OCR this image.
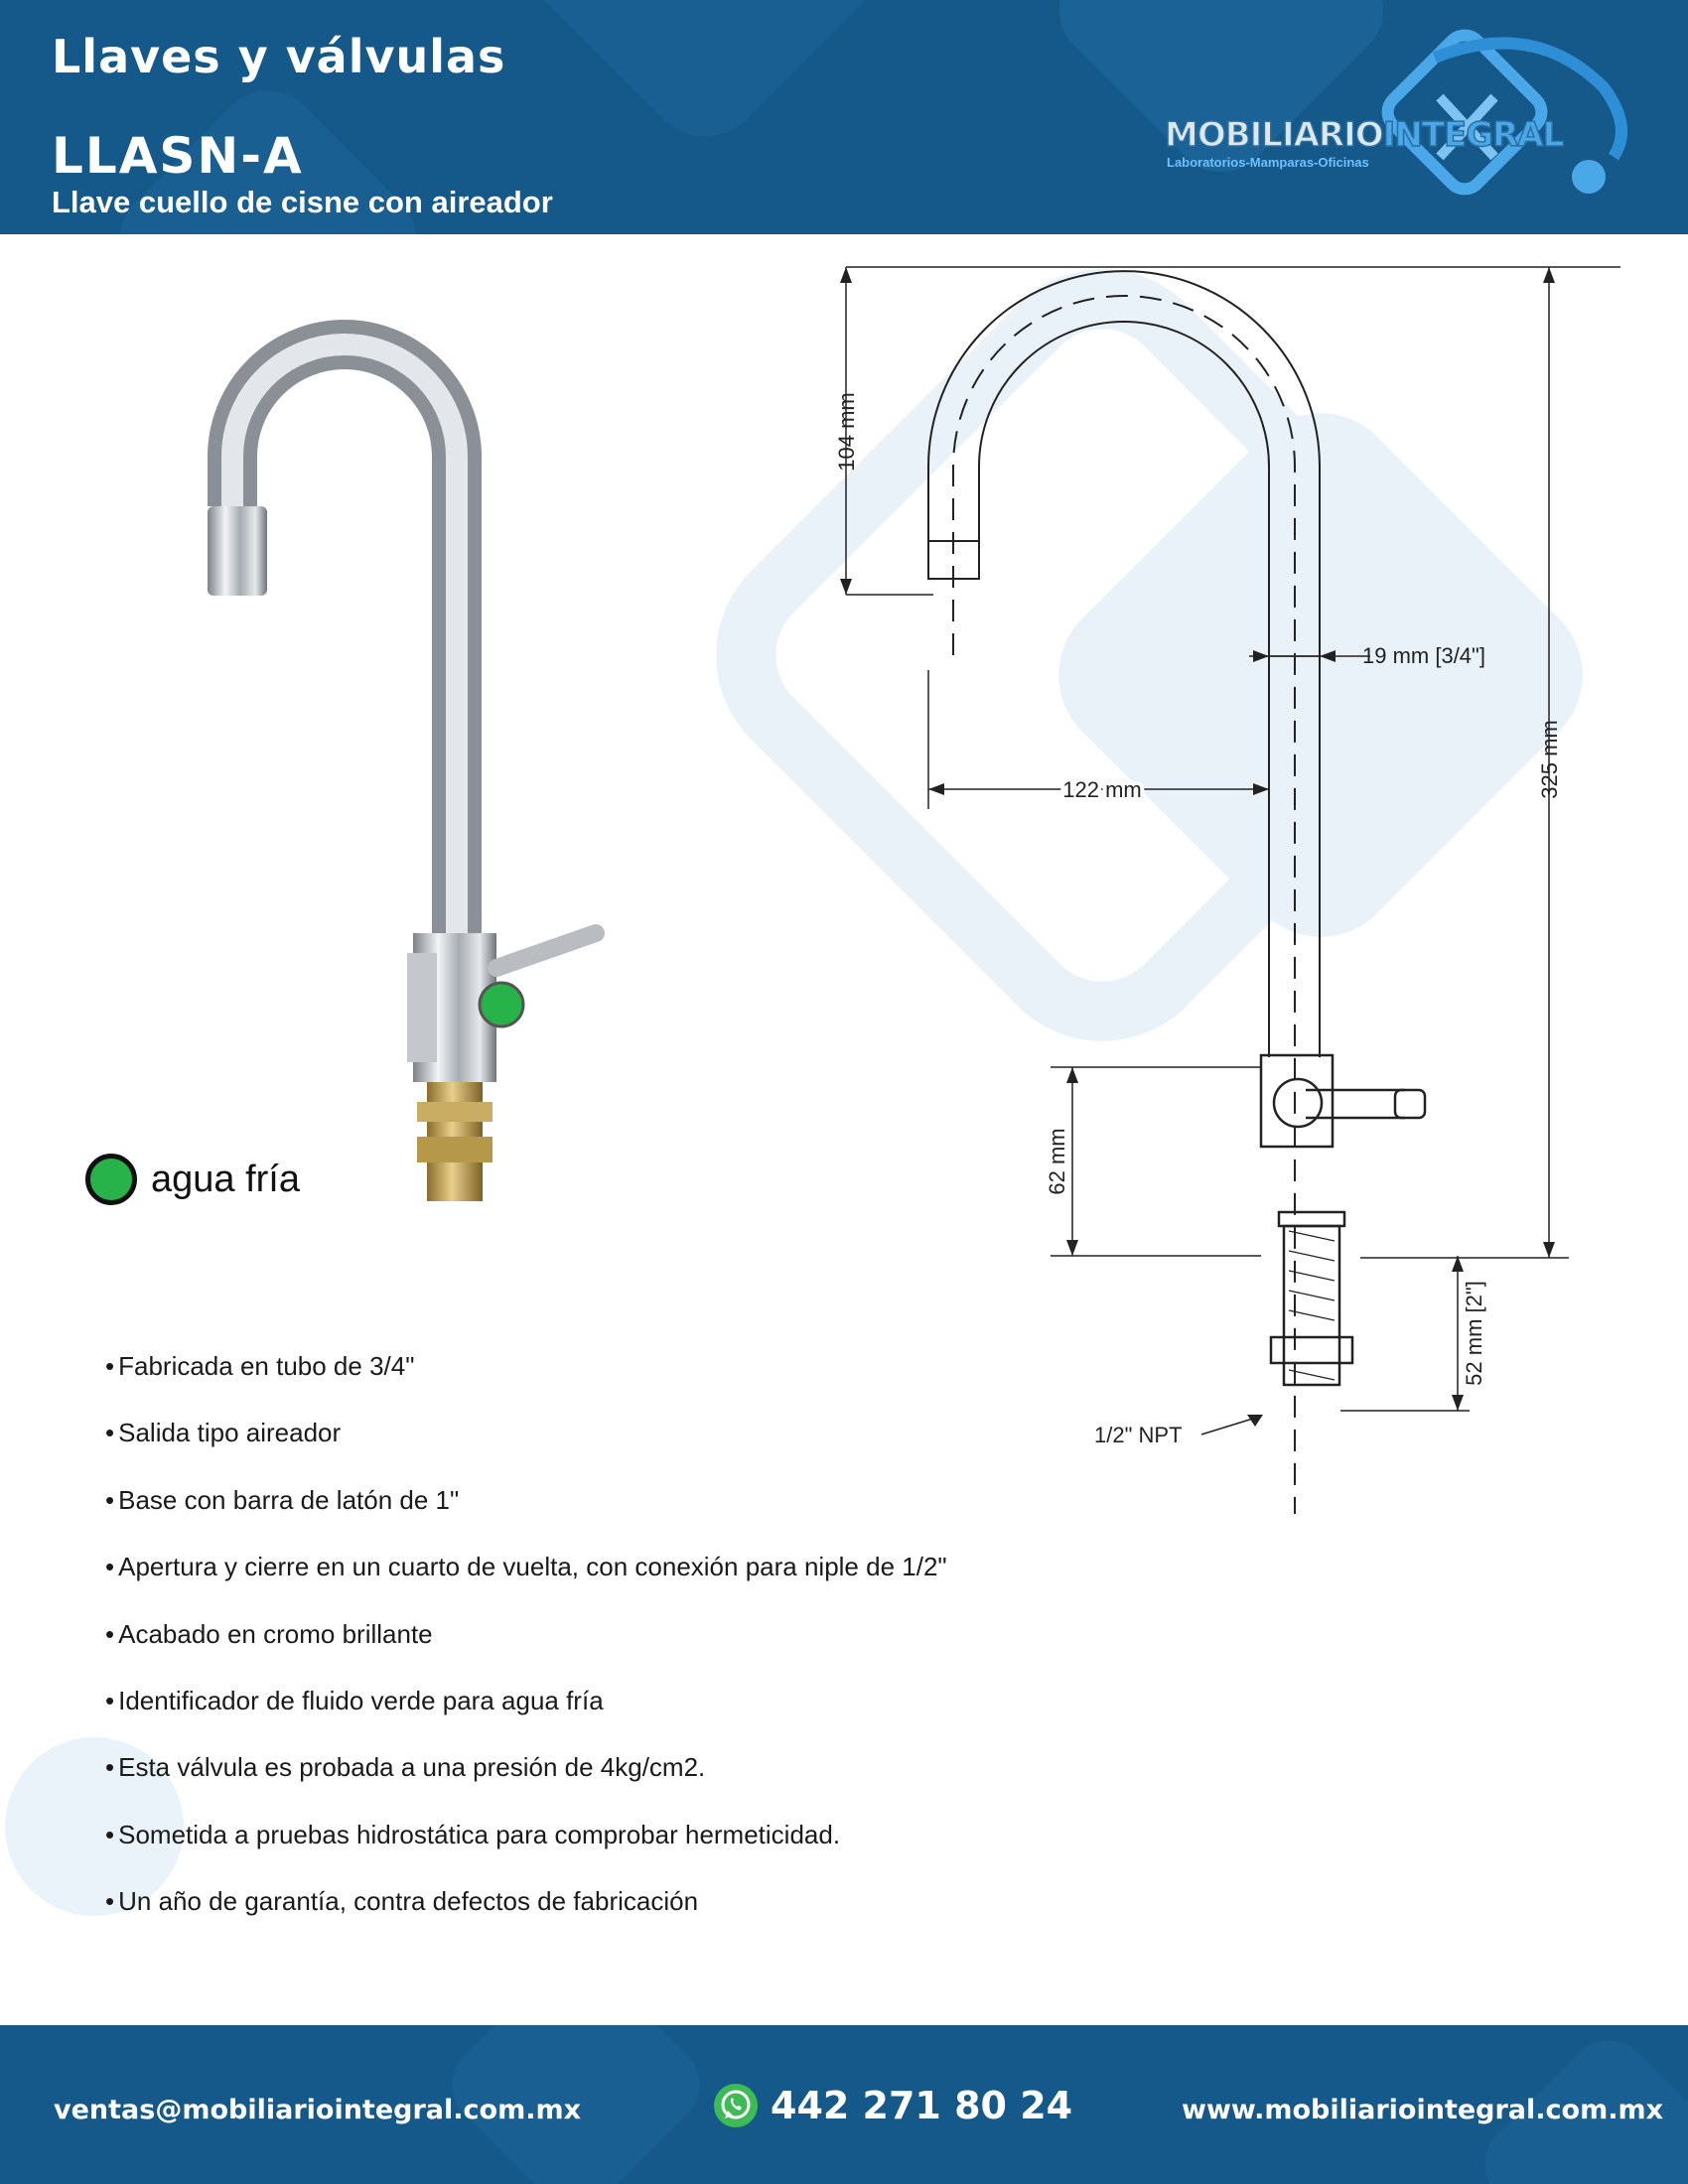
Llaves y válvulas
LLASN-A
Llave cuello de cisne con aireador
MOBILIARIOINTEGRAL
Laboratorios-Mamparas-Oficinas
agua fría
104 mm
19 mm [3/4"]
122 mm	325 mm
62 mm
52 mm [2"]
1/2" NPT
• Fabricada en tubo de 3/4"
• Salida tipo aireador
• Base con barra de latón de 1"
• Apertura y cierre en un cuarto de vuelta, con conexión para niple de 1/2"
• Acabado en cromo brillante
• Identificador de fluido verde para agua fría
• Esta válvula es probada a una presión de 4kg/cm2.
• Sometida a pruebas hidrostática para comprobar hermeticidad.
• Un año de garantía, contra defectos de fabricación
ventas@mobiliariointegral.com.mx	442 271 80 24	www.mobiliariointegral.com.mx
